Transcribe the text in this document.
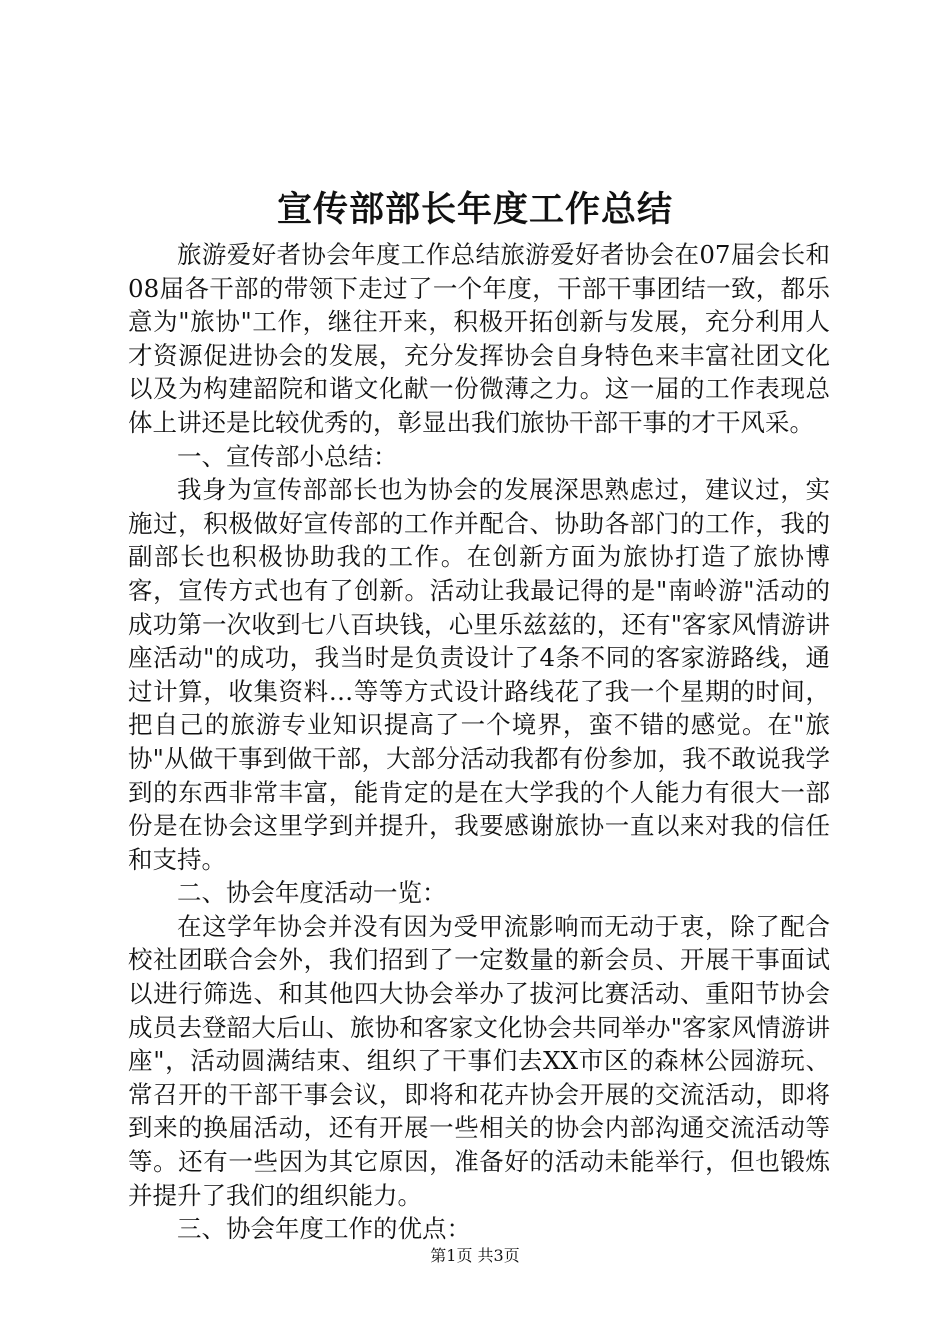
宣传部部长年度工作总结

旅游爱好者协会年度工作总结旅游爱好者协会在07届会长和08届各干部的带领下走过了一个年度，干部干事团结一致，都乐意为"旅协"工作，继往开来，积极开拓创新与发展，充分利用人才资源促进协会的发展，充分发挥协会自身特色来丰富社团文化以及为构建韶院和谐文化献一份微薄之力。这一届的工作表现总体上讲还是比较优秀的，彰显出我们旅协干部干事的才干风采。

一、宣传部小总结：

我身为宣传部部长也为协会的发展深思熟虑过，建议过，实施过，积极做好宣传部的工作并配合、协助各部门的工作，我的副部长也积极协助我的工作。在创新方面为旅协打造了旅协博客，宣传方式也有了创新。活动让我最记得的是"南岭游"活动的成功第一次收到七八百块钱，心里乐兹兹的，还有"客家风情游讲座活动"的成功，我当时是负责设计了4条不同的客家游路线，通过计算，收集资料…等等方式设计路线花了我一个星期的时间，把自己的旅游专业知识提高了一个境界，蛮不错的感觉。在"旅协"从做干事到做干部，大部分活动我都有份参加，我不敢说我学到的东西非常丰富，能肯定的是在大学我的个人能力有很大一部份是在协会这里学到并提升，我要感谢旅协一直以来对我的信任和支持。

二、协会年度活动一览：

在这学年协会并没有因为受甲流影响而无动于衷，除了配合校社团联合会外，我们招到了一定数量的新会员、开展干事面试以进行筛选、和其他四大协会举办了拔河比赛活动、重阳节协会成员去登韶大后山、旅协和客家文化协会共同举办"客家风情游讲座"，活动圆满结束、组织了干事们去XX市区的森林公园游玩、常召开的干部干事会议，即将和花卉协会开展的交流活动，即将到来的换届活动，还有开展一些相关的协会内部沟通交流活动等等。还有一些因为其它原因，准备好的活动未能举行，但也锻炼并提升了我们的组织能力。

三、协会年度工作的优点：

第1页 共3页
